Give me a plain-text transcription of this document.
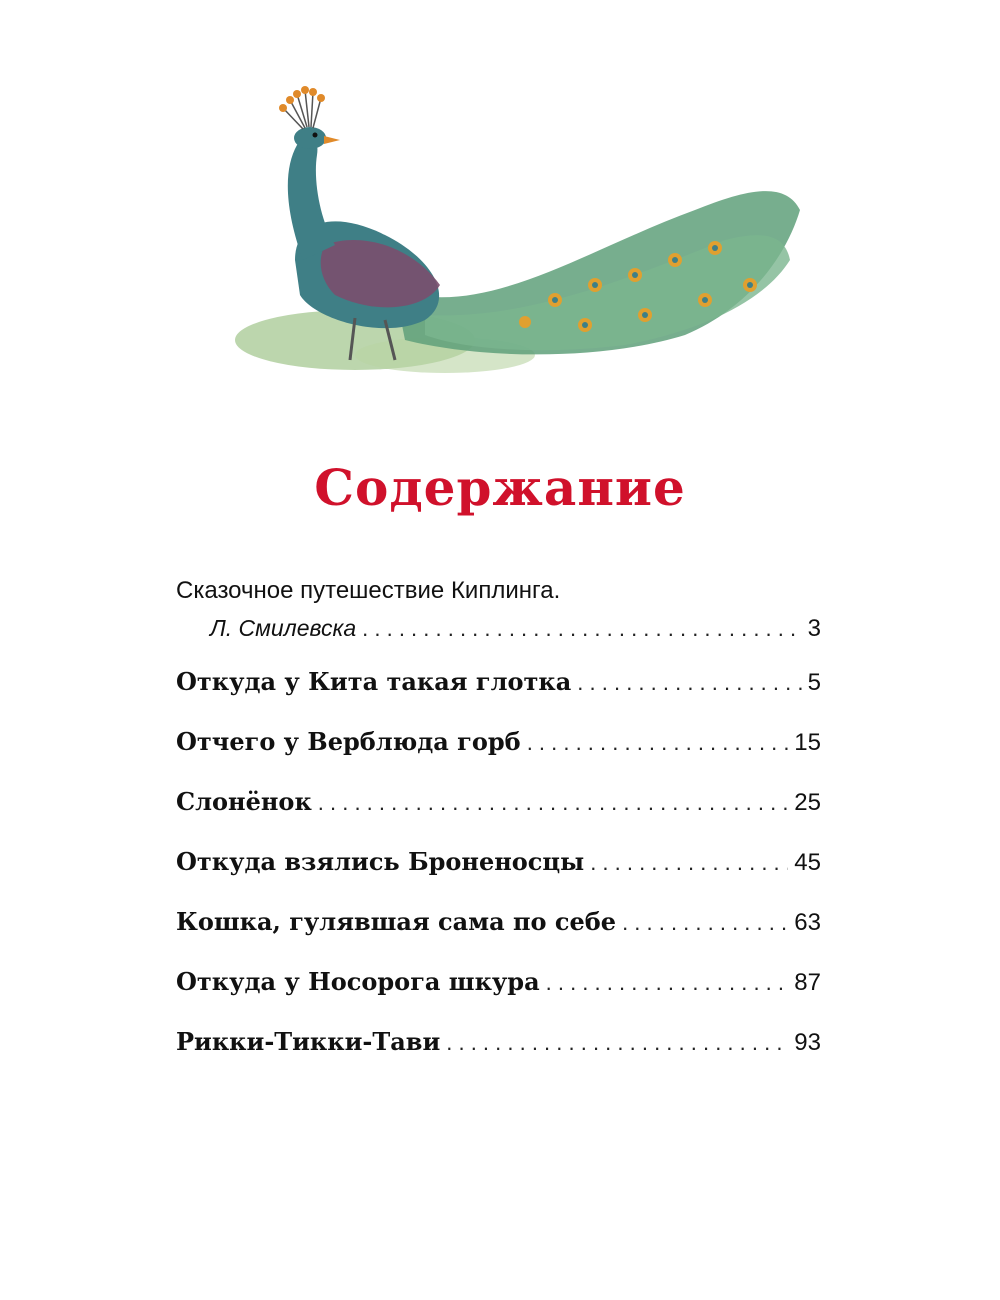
Содержание
Сказочное путешествие Киплинга.
Л. Смилевска . . .	3
Откуда у Кита такая глотка . . .	5
Отчего у Верблюда горб . . .	15
Слонёнок . . .	25
Откуда взялись Броненосцы . . .	45
Кошка, гулявшая сама по себе . . .	63
Откуда у Носорога шкура . . .	87
Рикки-Тикки-Тави . . .	93
